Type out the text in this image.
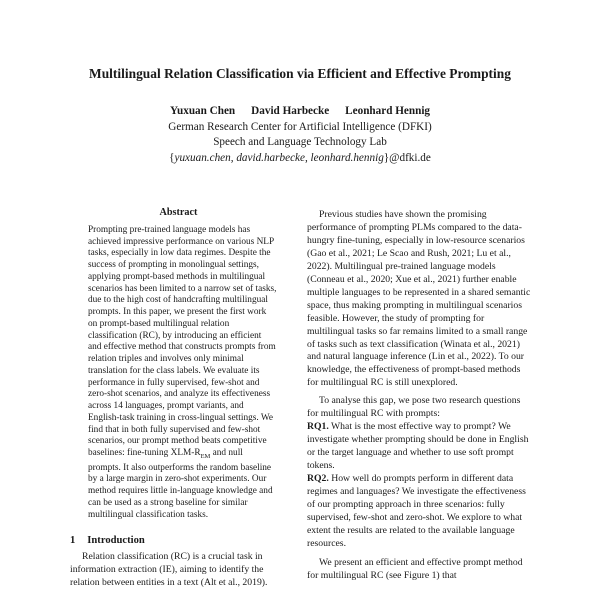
Multilingual Relation Classification via Efficient and Effective Prompting
Yuxuan Chen David Harbecke Leonhard Hennig
German Research Center for Artificial Intelligence (DFKI)
Speech and Language Technology Lab
{yuxuan.chen, david.harbecke, leonhard.hennig}@dfki.de
Abstract

Prompting pre-trained language models has achieved impressive performance on various NLP tasks, especially in low data regimes. Despite the success of prompting in monolingual settings, applying prompt-based methods in multilingual scenarios has been limited to a narrow set of tasks, due to the high cost of handcrafting multilingual prompts. In this paper, we present the first work on prompt-based multilingual relation classification (RC), by introducing an efficient and effective method that constructs prompts from relation triples and involves only minimal translation for the class labels. We evaluate its performance in fully supervised, few-shot and zero-shot scenarios, and analyze its effectiveness across 14 languages, prompt variants, and English-task training in cross-lingual settings. We find that in both fully supervised and few-shot scenarios, our prompt method beats competitive baselines: fine-tuning XLM-$R_{EM}$ and null prompts. It also outperforms the random baseline by a large margin in zero-shot experiments. Our method requires little in-language knowledge and can be used as a strong baseline for similar multilingual classification tasks.

1 Introduction

Relation classification (RC) is a crucial task in information extraction (IE), aiming to identify the relation between entities in a text (Alt et al., 2019).

Previous studies have shown the promising performance of prompting PLMs compared to the data-hungry fine-tuning, especially in low-resource scenarios (Gao et al., 2021; Le Scao and Rush, 2021; Lu et al., 2022). Multilingual pre-trained language models (Conneau et al., 2020; Xue et al., 2021) further enable multiple languages to be represented in a shared semantic space, thus making prompting in multilingual scenarios feasible. However, the study of prompting for multilingual tasks so far remains limited to a small range of tasks such as text classification (Winata et al., 2021) and natural language inference (Lin et al., 2022). To our knowledge, the effectiveness of prompt-based methods for multilingual RC is still unexplored.

To analyse this gap, we pose two research questions for multilingual RC with prompts:

RQ1. What is the most effective way to prompt? We investigate whether prompting should be done in English or the target language and whether to use soft prompt tokens.

RQ2. How well do prompts perform in different data regimes and languages? We investigate the effectiveness of our prompting approach in three scenarios: fully supervised, few-shot and zero-shot. We explore to what extent the results are related to the available language resources.

We present an efficient and effective prompt method for multilingual RC (see Figure 1) that
